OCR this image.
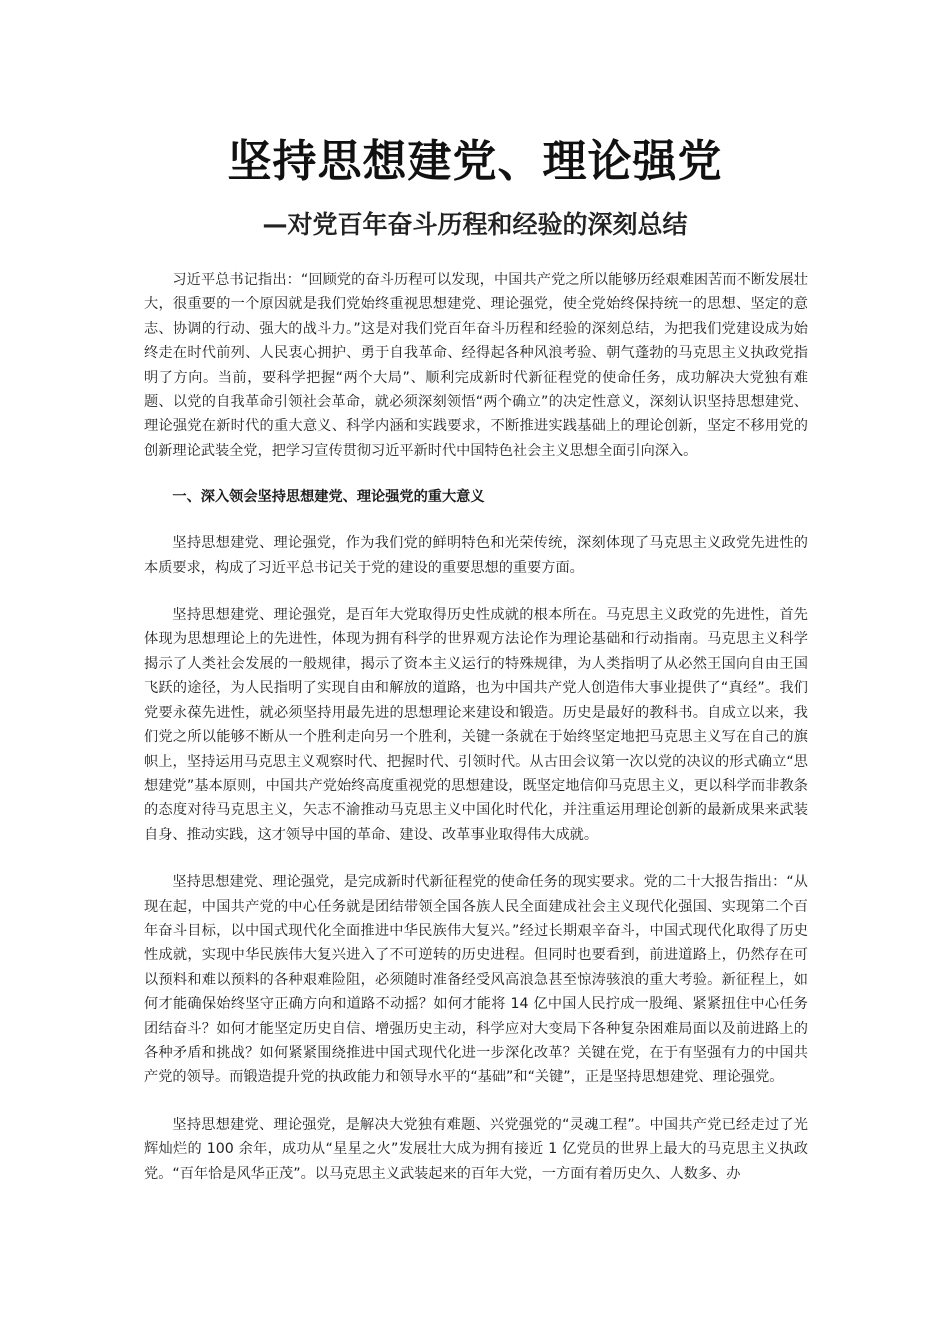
坚持思想建党、理论强党
—对党百年奋斗历程和经验的深刻总结

习近平总书记指出：“回顾党的奋斗历程可以发现，中国共产党之所以能够历经艰难困苦而不断发展壮大，很重要的一个原因就是我们党始终重视思想建党、理论强党，使全党始终保持统一的思想、坚定的意志、协调的行动、强大的战斗力。”这是对我们党百年奋斗历程和经验的深刻总结，为把我们党建设成为始终走在时代前列、人民衷心拥护、勇于自我革命、经得起各种风浪考验、朝气蓬勃的马克思主义执政党指明了方向。当前，要科学把握“两个大局”、顺利完成新时代新征程党的使命任务，成功解决大党独有难题、以党的自我革命引领社会革命，就必须深刻领悟“两个确立”的决定性意义，深刻认识坚持思想建党、理论强党在新时代的重大意义、科学内涵和实践要求，不断推进实践基础上的理论创新，坚定不移用党的创新理论武装全党，把学习宣传贯彻习近平新时代中国特色社会主义思想全面引向深入。

一、深入领会坚持思想建党、理论强党的重大意义

坚持思想建党、理论强党，作为我们党的鲜明特色和光荣传统，深刻体现了马克思主义政党先进性的本质要求，构成了习近平总书记关于党的建设的重要思想的重要方面。

坚持思想建党、理论强党，是百年大党取得历史性成就的根本所在。马克思主义政党的先进性，首先体现为思想理论上的先进性，体现为拥有科学的世界观方法论作为理论基础和行动指南。马克思主义科学揭示了人类社会发展的一般规律，揭示了资本主义运行的特殊规律，为人类指明了从必然王国向自由王国飞跃的途径，为人民指明了实现自由和解放的道路，也为中国共产党人创造伟大事业提供了“真经”。我们党要永葆先进性，就必须坚持用最先进的思想理论来建设和锻造。历史是最好的教科书。自成立以来，我们党之所以能够不断从一个胜利走向另一个胜利，关键一条就在于始终坚定地把马克思主义写在自己的旗帜上，坚持运用马克思主义观察时代、把握时代、引领时代。从古田会议第一次以党的决议的形式确立“思想建党”基本原则，中国共产党始终高度重视党的思想建设，既坚定地信仰马克思主义，更以科学而非教条的态度对待马克思主义，矢志不渝推动马克思主义中国化时代化，并注重运用理论创新的最新成果来武装自身、推动实践，这才领导中国的革命、建设、改革事业取得伟大成就。

坚持思想建党、理论强党，是完成新时代新征程党的使命任务的现实要求。党的二十大报告指出：“从现在起，中国共产党的中心任务就是团结带领全国各族人民全面建成社会主义现代化强国、实现第二个百年奋斗目标，以中国式现代化全面推进中华民族伟大复兴。”经过长期艰辛奋斗，中国式现代化取得了历史性成就，实现中华民族伟大复兴进入了不可逆转的历史进程。但同时也要看到，前进道路上，仍然存在可以预料和难以预料的各种艰难险阻，必须随时准备经受风高浪急甚至惊涛骇浪的重大考验。新征程上，如何才能确保始终坚守正确方向和道路不动摇？如何才能将 14 亿中国人民拧成一股绳、紧紧扭住中心任务团结奋斗？如何才能坚定历史自信、增强历史主动，科学应对大变局下各种复杂困难局面以及前进路上的各种矛盾和挑战？如何紧紧围绕推进中国式现代化进一步深化改革？关键在党，在于有坚强有力的中国共产党的领导。而锻造提升党的执政能力和领导水平的“基础”和“关键”，正是坚持思想建党、理论强党。

坚持思想建党、理论强党，是解决大党独有难题、兴党强党的“灵魂工程”。中国共产党已经走过了光辉灿烂的 100 余年，成功从“星星之火”发展壮大成为拥有接近 1 亿党员的世界上最大的马克思主义执政党。“百年恰是风华正茂”。以马克思主义武装起来的百年大党，一方面有着历史久、人数多、办
